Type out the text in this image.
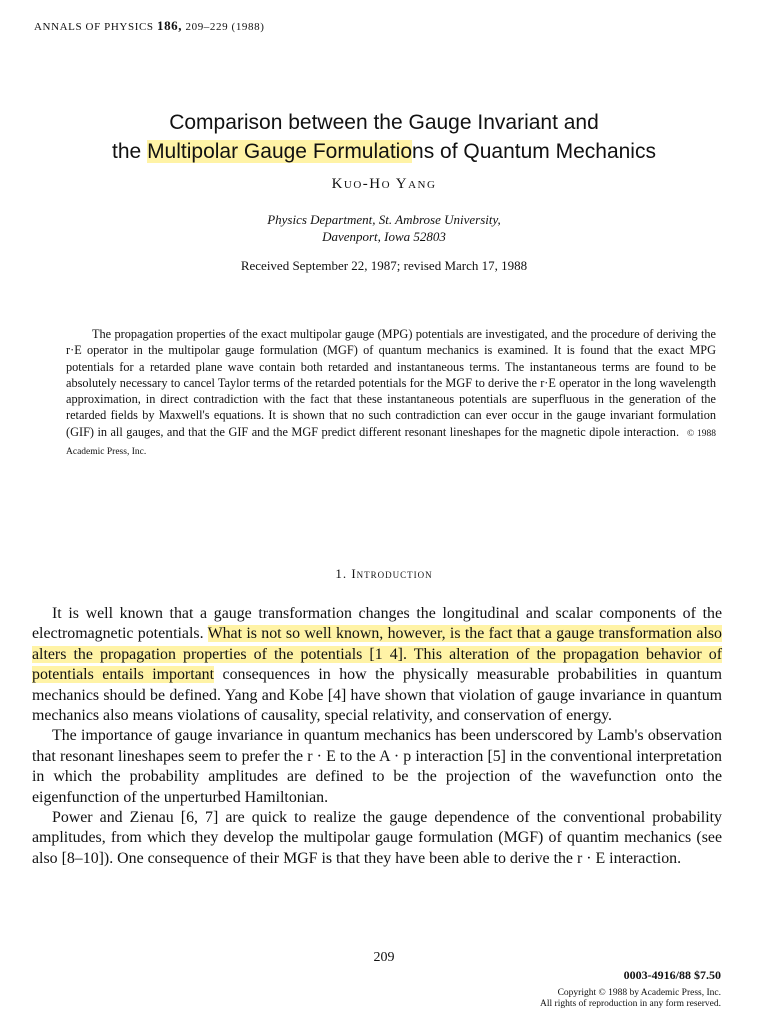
ANNALS OF PHYSICS 186, 209–229 (1988)
Comparison between the Gauge Invariant and
the Multipolar Gauge Formulations of Quantum Mechanics
Kuo-Ho Yang
Physics Department, St. Ambrose University,
Davenport, Iowa 52803
Received September 22, 1987; revised March 17, 1988
The propagation properties of the exact multipolar gauge (MPG) potentials are investigated, and the procedure of deriving the r·E operator in the multipolar gauge formulation (MGF) of quantum mechanics is examined. It is found that the exact MPG potentials for a retarded plane wave contain both retarded and instantaneous terms. The instantaneous terms are found to be absolutely necessary to cancel Taylor terms of the retarded potentials for the MGF to derive the r·E operator in the long wavelength approximation, in direct contradiction with the fact that these instantaneous potentials are superfluous in the generation of the retarded fields by Maxwell's equations. It is shown that no such contradiction can ever occur in the gauge invariant formulation (GIF) in all gauges, and that the GIF and the MGF predict different resonant lineshapes for the magnetic dipole interaction. © 1988 Academic Press, Inc.
1. Introduction

It is well known that a gauge transformation changes the longitudinal and scalar components of the electromagnetic potentials. What is not so well known, however, is the fact that a gauge transformation also alters the propagation properties of the potentials [1 4]. This alteration of the propagation behavior of potentials entails important consequences in how the physically measurable probabilities in quantum mechanics should be defined. Yang and Kobe [4] have shown that violation of gauge invariance in quantum mechanics also means violations of causality, special relativity, and conservation of energy.

The importance of gauge invariance in quantum mechanics has been underscored by Lamb's observation that resonant lineshapes seem to prefer the r · E to the A · p interaction [5] in the conventional interpretation in which the probability amplitudes are defined to be the projection of the wavefunction onto the eigenfunction of the unperturbed Hamiltonian.

Power and Zienau [6, 7] are quick to realize the gauge dependence of the conventional probability amplitudes, from which they develop the multipolar gauge formulation (MGF) of quantim mechanics (see also [8–10]). One consequence of their MGF is that they have been able to derive the r · E interaction.

209
0003-4916/88 $7.50
Copyright © 1988 by Academic Press, Inc.
All rights of reproduction in any form reserved.
